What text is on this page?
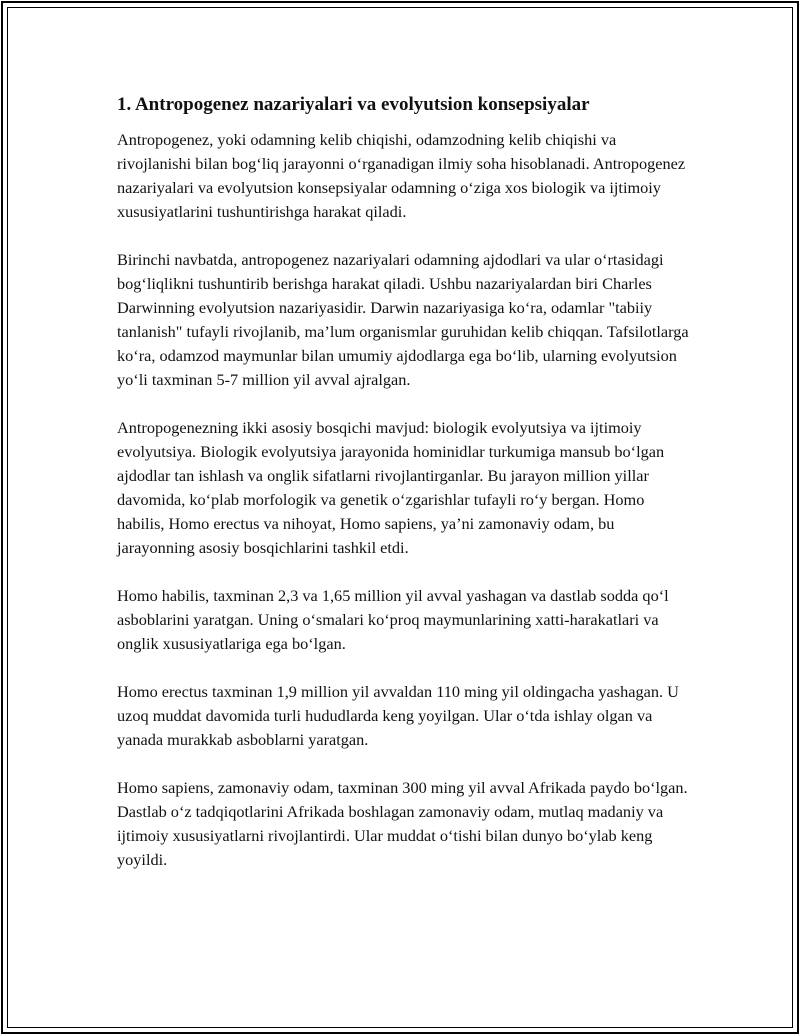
1. Antropogenez nazariyalari va evolyutsion konsepsiyalar

Antropogenez, yoki odamning kelib chiqishi, odamzodning kelib chiqishi va rivojlanishi bilan bog‘liq jarayonni o‘rganadigan ilmiy soha hisoblanadi. Antropogenez nazariyalari va evolyutsion konsepsiyalar odamning o‘ziga xos biologik va ijtimoiy xususiyatlarini tushuntirishga harakat qiladi.

Birinchi navbatda, antropogenez nazariyalari odamning ajdodlari va ular o‘rtasidagi bog‘liqlikni tushuntirib berishga harakat qiladi. Ushbu nazariyalardan biri Charles Darwinning evolyutsion nazariyasidir. Darwin nazariyasiga ko‘ra, odamlar "tabiiy tanlanish" tufayli rivojlanib, ma’lum organismlar guruhidan kelib chiqqan. Tafsilotlarga ko‘ra, odamzod maymunlar bilan umumiy ajdodlarga ega bo‘lib, ularning evolyutsion yo‘li taxminan 5-7 million yil avval ajralgan.

Antropogenezning ikki asosiy bosqichi mavjud: biologik evolyutsiya va ijtimoiy evolyutsiya. Biologik evolyutsiya jarayonida hominidlar turkumiga mansub bo‘lgan ajdodlar tan ishlash va onglik sifatlarni rivojlantirganlar. Bu jarayon million yillar davomida, ko‘plab morfologik va genetik o‘zgarishlar tufayli ro‘y bergan. Homo habilis, Homo erectus va nihoyat, Homo sapiens, ya’ni zamonaviy odam, bu jarayonning asosiy bosqichlarini tashkil etdi.

Homo habilis, taxminan 2,3 va 1,65 million yil avval yashagan va dastlab sodda qo‘l asboblarini yaratgan. Uning o‘smalari ko‘proq maymunlarining xatti-harakatlari va onglik xususiyatlariga ega bo‘lgan.

Homo erectus taxminan 1,9 million yil avvaldan 110 ming yil oldingacha yashagan. U uzoq muddat davomida turli hududlarda keng yoyilgan. Ular o‘tda ishlay olgan va yanada murakkab asboblarni yaratgan.

Homo sapiens, zamonaviy odam, taxminan 300 ming yil avval Afrikada paydo bo‘lgan. Dastlab o‘z tadqiqotlarini Afrikada boshlagan zamonaviy odam, mutlaq madaniy va ijtimoiy xususiyatlarni rivojlantirdi. Ular muddat o‘tishi bilan dunyo bo‘ylab keng yoyildi.
